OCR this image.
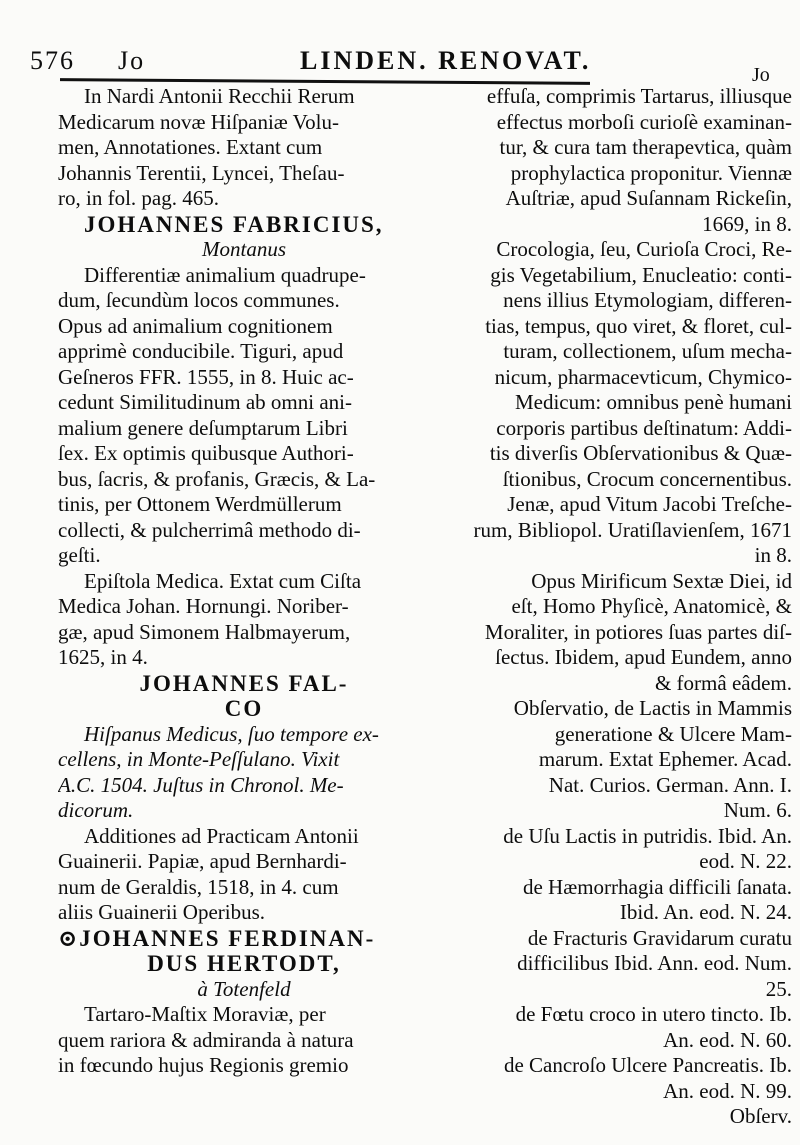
576 Jo	LINDEN. RENOVAT.	Jo
In Nardi Antonii Recchii Rerum
Medicarum novæ Hiſpaniæ Volu-
men, Annotationes. Extant cum
Johannis Terentii, Lyncei, Theſau-
ro, in fol. pag. 465.
JOHANNES FABRICIUS,
Montanus
Differentiæ animalium quadrupe-
dum, ſecundùm locos communes.
Opus ad animalium cognitionem
apprimè conducibile. Tiguri, apud
Geſneros FFR. 1555, in 8. Huic ac-
cedunt Similitudinum ab omni ani-
malium genere deſumptarum Libri
ſex. Ex optimis quibusque Authori-
bus, ſacris, & profanis, Græcis, & La-
tinis, per Ottonem Werdmüllerum
collecti, & pulcherrimâ methodo di-
geſti.
Epiſtola Medica. Extat cum Ciſta
Medica Johan. Hornungi. Noriber-
gæ, apud Simonem Halbmayerum,
1625, in 4.
JOHANNES FAL-
CO
Hiſpanus Medicus, ſuo tempore ex-
cellens, in Monte-Peſſulano. Vixit
A.C. 1504. Juſtus in Chronol. Me-
dicorum.
Additiones ad Practicam Antonii
Guainerii. Papiæ, apud Bernhardi-
num de Geraldis, 1518, in 4. cum
aliis Guainerii Operibus.
⊙JOHANNES FERDINAN-
DUS HERTODT,
à Totenfeld
Tartaro-Maſtix Moraviæ, per
quem rariora & admiranda à natura
in fœcundo hujus Regionis gremio
effuſa, comprimis Tartarus, illiusque
effectus morboſi curioſè examinan-
tur, & cura tam therapevtica, quàm
prophylactica proponitur. Viennæ
Auſtriæ, apud Suſannam Rickeſin,
1669, in 8.
Crocologia, ſeu, Curioſa Croci, Re-
gis Vegetabilium, Enucleatio: conti-
nens illius Etymologiam, differen-
tias, tempus, quo viret, & floret, cul-
turam, collectionem, uſum mecha-
nicum, pharmacevticum, Chymico-
Medicum: omnibus penè humani
corporis partibus deſtinatum: Addi-
tis diverſis Obſervationibus & Quæ-
ſtionibus, Crocum concernentibus.
Jenæ, apud Vitum Jacobi Treſche-
rum, Bibliopol. Uratiſlavienſem, 1671
in 8.
Opus Mirificum Sextæ Diei, id
eſt, Homo Phyſicè, Anatomicè, &
Moraliter, in potiores ſuas partes diſ-
ſectus. Ibidem, apud Eundem, anno
& formâ eâdem.
Obſervatio, de Lactis in Mammis
generatione & Ulcere Mam-
marum. Extat Ephemer. Acad.
Nat. Curios. German. Ann. I.
Num. 6.
de Uſu Lactis in putridis. Ibid. An.
eod. N. 22.
de Hæmorrhagia difficili ſanata.
Ibid. An. eod. N. 24.
de Fracturis Gravidarum curatu
difficilibus Ibid. Ann. eod. Num.
25.
de Fœtu croco in utero tincto. Ib.
An. eod. N. 60.
de Cancroſo Ulcere Pancreatis. Ib.
An. eod. N. 99.
Obſerv.
